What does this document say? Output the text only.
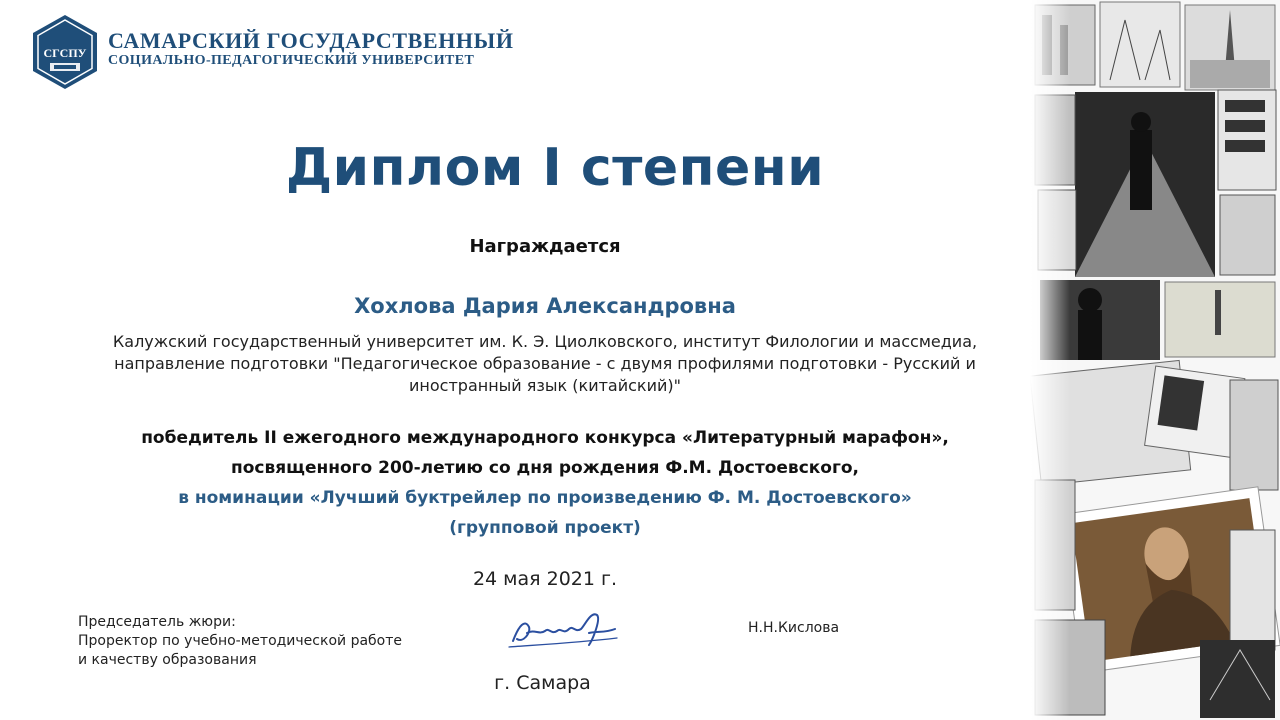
СГСПУ САМАРСКИЙ ГОСУДАРСТВЕННЫЙ
СОЦИАЛЬНО-ПЕДАГОГИЧЕСКИЙ УНИВЕРСИТЕТ
Диплом I степени
Награждается
Хохлова Дария Александровна
Калужский государственный университет им. К. Э. Циолковского, институт Филологии и массмедиа, направление подготовки "Педагогическое образование - с двумя профилями подготовки - Русский и иностранный язык (китайский)"
победитель II ежегодного международного конкурса «Литературный марафон»,
посвященного 200-летию со дня рождения Ф.М. Достоевского,
в номинации «Лучший буктрейлер по произведению Ф. М. Достоевского»
(групповой проект)
24 мая 2021 г.
Председатель жюри:
Проректор по учебно-методической работе
и качеству образования
Н.Н.Кислова
г. Самара
